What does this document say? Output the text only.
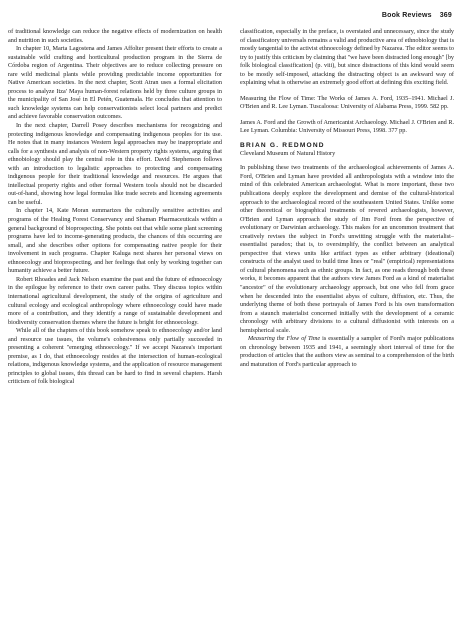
Book Reviews 369

of traditional knowledge can reduce the negative effects of modernization on health and nutrition in such societies.

In chapter 10, Marta Lagostena and James Affolter present their efforts to create a sustainable wild crafting and horticultural production program in the Sierra de Córdoba region of Argentina. Their objectives are to reduce collecting pressure on rare wild medicinal plants while providing predictable income opportunities for Native American societies. In the next chapter, Scott Atran uses a formal elicitation process to analyze Itza' Maya human-forest relations held by three culture groups in the municipality of San José in El Petén, Guatemala. He concludes that attention to such knowledge systems can help conservationists select local partners and predict and achieve favorable conservation outcomes.

In the next chapter, Darrell Posey describes mechanisms for recognizing and protecting indigenous knowledge and compensating indigenous peoples for its use. He notes that in many instances Western legal approaches may be inappropriate and calls for a synthesis and analysis of non-Western property rights systems, arguing that ethnobiology should play the central role in this effort. David Stephenson follows with an introduction to legalistic approaches to protecting and compensating indigenous people for their traditional knowledge and resources. He argues that intellectual property rights and other formal Western tools should not be discarded out-of-hand, showing how legal formulas like trade secrets and licensing agreements can be useful.

In chapter 14, Kate Moran summarizes the culturally sensitive activities and programs of the Healing Forest Conservancy and Shaman Pharmaceuticals within a general background of bioprospecting. She points out that while some plant screening programs have led to income-generating products, the chances of this occurring are small, and she describes other options for compensating native people for their involvement in such programs. Chapter Kaluga next shares her personal views on ethnoecology and bioprospecting, and her feelings that only by working together can humanity achieve a better future.

Robert Rhoades and Jack Nelson examine the past and the future of ethnoecology in the epilogue by reference to their own career paths. They discuss topics within international agricultural development, the study of the origins of agriculture and cultural ecology and ecological anthropology where ethnoecology could have made more of a contribution, and they identify a range of sustainable development and biodiversity conservation themes where the future is bright for ethnoecology.

While all of the chapters of this book somehow speak to ethnoecology and/or land and resource use issues, the volume's cohesiveness only partially succeeded in presenting a coherent "emerging ethnoecology." If we accept Nazarea's important premise, as I do, that ethnoecology resides at the intersection of human-ecological relations, indigenous knowledge systems, and the application of resource management principles to global issues, this thread can be hard to find in several chapters. Harsh criticism of folk biological

classification, especially in the preface, is overstated and unnecessary, since the study of classificatory universals remains a valid and productive area of ethnobiology that is mostly tangential to the activist ethnoecology defined by Nazarea. The editor seems to try to justify this criticism by claiming that "we have been distracted long enough" [by folk biological classification] (p. viii), but since distractions of this kind would seem to be mostly self-imposed, attacking the distracting object is an awkward way of explaining what is otherwise an extremely good effort at defining this exciting field.

Measuring the Flow of Time: The Works of James A. Ford, 1935–1941. Michael J. O'Brien and R. Lee Lyman. Tuscaloosa: University of Alabama Press, 1999. 582 pp.

James A. Ford and the Growth of Americanist Archaeology. Michael J. O'Brien and R. Lee Lyman. Columbia: University of Missouri Press, 1998. 377 pp.

BRIAN G. REDMOND
Cleveland Museum of Natural History

In publishing these two treatments of the archaeological achievements of James A. Ford, O'Brien and Lyman have provided all anthropologists with a window into the mind of this celebrated American archaeologist. What is more important, these two publications deeply explore the development and demise of the cultural-historical approach to the archaeological record of the southeastern United States. Unlike some other theoretical or biographical treatments of revered archaeologists, however, O'Brien and Lyman approach the study of Jim Ford from the perspective of evolutionary or Darwinian archaeology. This makes for an uncommon treatment that creatively revises the subject in Ford's unwitting struggle with the materialist–essentialist paradox; that is, to oversimplify, the conflict between an analytical perspective that views units like artifact types as either arbitrary (ideational) constructs of the analyst used to build time lines or "real" (empirical) representations of cultural phenomena such as ethnic groups. In fact, as one reads through both these works, it becomes apparent that the authors view James Ford as a kind of materialist "ancestor" of the evolutionary archaeology approach, but one who fell from grace when he descended into the essentialist abyss of culture, diffusion, etc. Thus, the underlying theme of both these portrayals of James Ford is his own transformation from a staunch materialist concerned initially with the development of a ceramic chronology with arbitrary divisions to a cultural diffusionist with interests on a hemispherical scale.

Measuring the Flow of Time is essentially a sampler of Ford's major publications on chronology between 1935 and 1941, a seemingly short interval of time for the production of articles that the authors view as seminal to a comprehension of the birth and maturation of Ford's particular approach to
